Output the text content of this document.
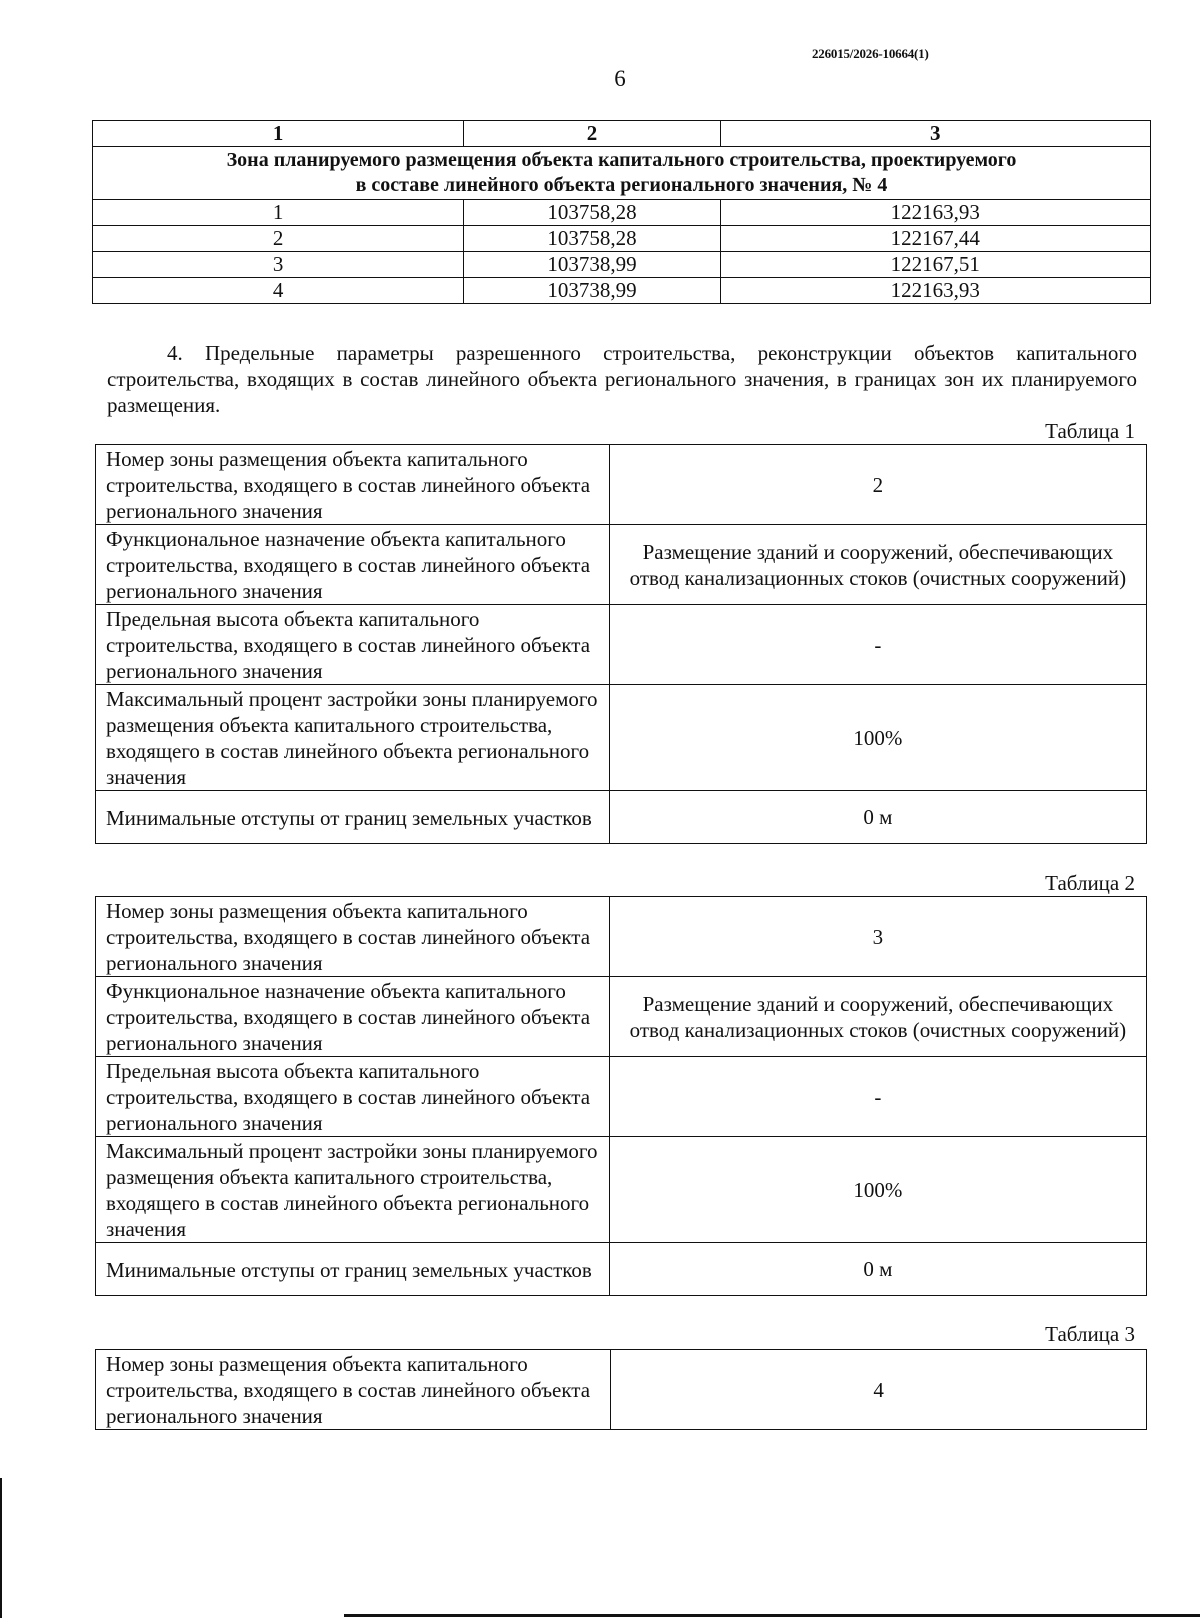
226015/2026-10664(1)
6
1	2	3
Зона планируемого размещения объекта капитального строительства, проектируемого
в составе линейного объекта регионального значения, № 4		
1	103758,28	122163,93
2	103758,28	122167,44
3	103738,99	122167,51
4	103738,99	122163,93
4. Предельные параметры разрешенного строительства, реконструкции объектов капитального строительства, входящих в состав линейного объекта регионального значения, в границах зон их планируемого размещения.
Таблица 1
Номер зоны размещения объекта капитального строительства, входящего в состав линейного объекта регионального значения	2
Функциональное назначение объекта капитального строительства, входящего в состав линейного объекта регионального значения	Размещение зданий и сооружений, обеспечивающих отвод канализационных стоков (очистных сооружений)
Предельная высота объекта капитального строительства, входящего в состав линейного объекта регионального значения	-
Максимальный процент застройки зоны планируемого размещения объекта капитального строительства, входящего в состав линейного объекта регионального значения	100%
Минимальные отступы от границ земельных участков	0 м
Таблица 2
Номер зоны размещения объекта капитального строительства, входящего в состав линейного объекта регионального значения	3
Функциональное назначение объекта капитального строительства, входящего в состав линейного объекта регионального значения	Размещение зданий и сооружений, обеспечивающих отвод канализационных стоков (очистных сооружений)
Предельная высота объекта капитального строительства, входящего в состав линейного объекта регионального значения	-
Максимальный процент застройки зоны планируемого размещения объекта капитального строительства, входящего в состав линейного объекта регионального значения	100%
Минимальные отступы от границ земельных участков	0 м
Таблица 3
Номер зоны размещения объекта капитального строительства, входящего в состав линейного объекта регионального значения	4
